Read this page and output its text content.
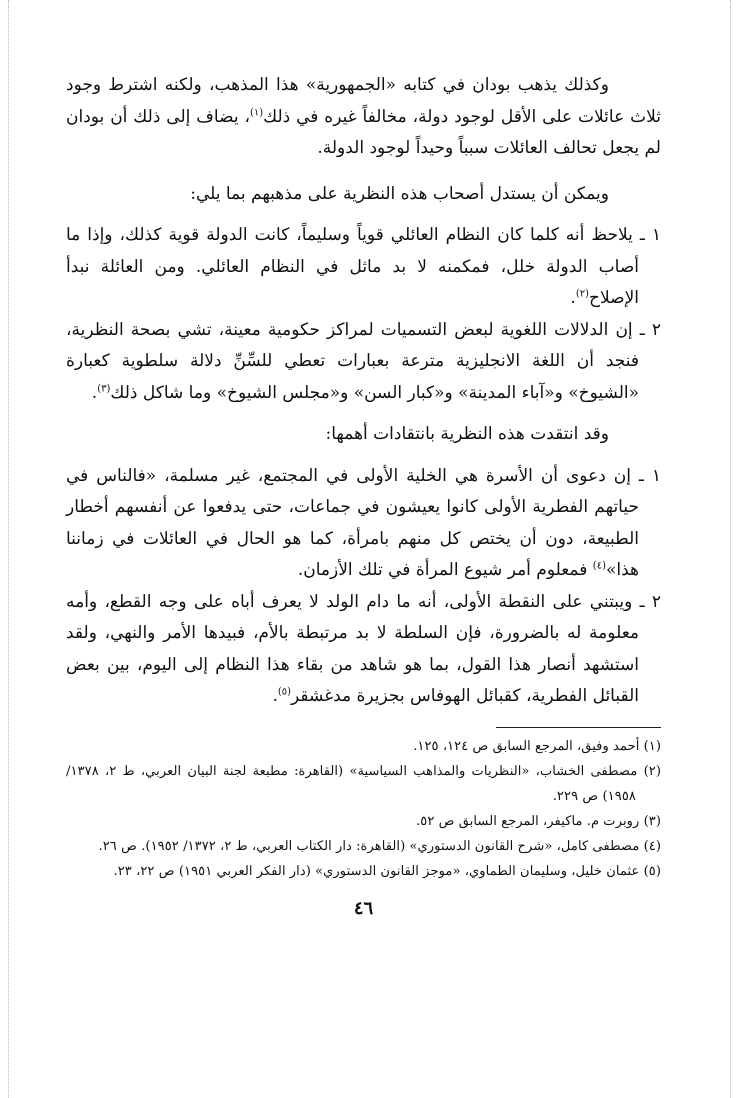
وكذلك يذهب بودان في كتابه «الجمهورية» هذا المذهب، ولكنه اشترط وجود ثلاث عائلات على الأقل لوجود دولة، مخالفاً غيره في ذلك$^{(١)}$، يضاف إلى ذلك أن بودان لم يجعل تحالف العائلات سبباً وحيداً لوجود الدولة.

ويمكن أن يستدل أصحاب هذه النظرية على مذهبهم بما يلي:

١ ـ يلاحظ أنه كلما كان النظام العائلي قوياً وسليماً، كانت الدولة قوية كذلك، وإذا ما أصاب الدولة خلل، فمكمنه لا بد ماثل في النظام العائلي. ومن العائلة نبدأ الإصلاح$^{(٢)}$.

٢ ـ إن الدلالات اللغوية لبعض التسميات لمراكز حكومية معينة، تشي بصحة النظرية، فنجد أن اللغة الانجليزية مترعة بعبارات تعطي للسِّنِّ دلالة سلطوية كعبارة «الشيوخ» و«آباء المدينة» و«كبار السن» و«مجلس الشيوخ» وما شاكل ذلك$^{(٣)}$.

وقد انتقدت هذه النظرية بانتقادات أهمها:

١ ـ إن دعوى أن الأسرة هي الخلية الأولى في المجتمع، غير مسلمة، «فالناس في حياتهم الفطرية الأولى كانوا يعيشون في جماعات، حتى يدفعوا عن أنفسهم أخطار الطبيعة، دون أن يختص كل منهم بامرأة، كما هو الحال في العائلات في زماننا هذا»$^{(٤)}$ فمعلوم أمر شيوع المرأة في تلك الأزمان.

٢ ـ ويبتني على النقطة الأولى، أنه ما دام الولد لا يعرف أباه على وجه القطع، وأمه معلومة له بالضرورة، فإن السلطة لا بد مرتبطة بالأم، فبيدها الأمر والنهي، ولقد استشهد أنصار هذا القول، بما هو شاهد من بقاء هذا النظام إلى اليوم، بين بعض القبائل الفطرية، كقبائل الهوفاس بجزيرة مدغشقر$^{(٥)}$.

(١) أحمد وفيق، المرجع السابق ص ١٢٤، ١٢٥.

(٢) مصطفى الخشاب، «النظريات والمذاهب السياسية» (القاهرة: مطبعة لجنة البيان العربي، ط ٢، ١٣٧٨/ ١٩٥٨) ص ٢٢٩.

(٣) روبرت م. ماكيفر، المرجع السابق ص ٥٢.

(٤) مصطفى كامل، «شرح القانون الدستوري» (القاهرة: دار الكتاب العربي، ط ٢، ١٣٧٢/ ١٩٥٢). ص ٢٦.

(٥) عثمان خليل، وسليمان الطماوي، «موجز القانون الدستوري» (دار الفكر العربي ١٩٥١) ص ٢٢، ٢٣.

٤٦
